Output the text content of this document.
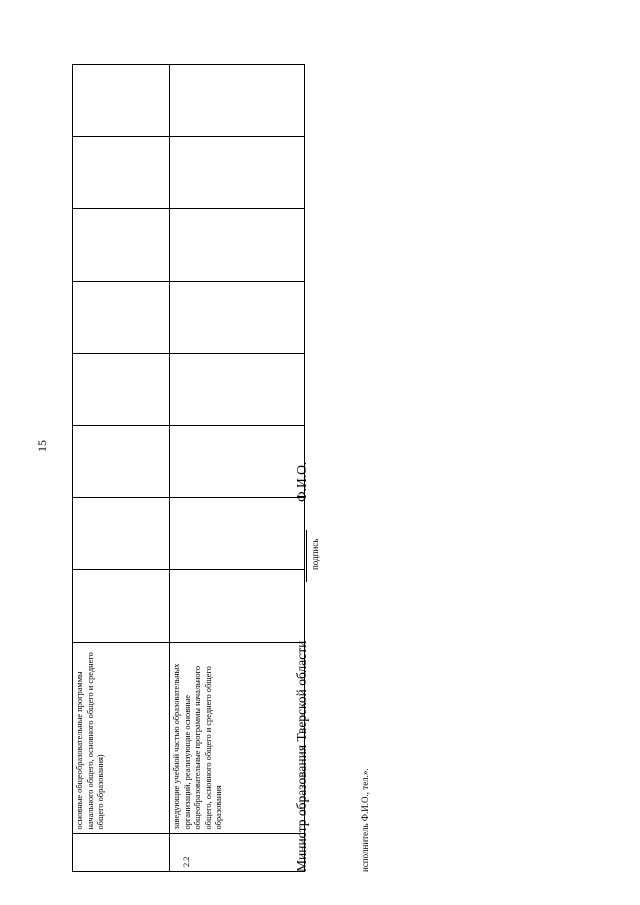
15
	основные общеобразовательные программы начального общего, основного общего и среднего общего образования)								
2.2	заведующие учебной частью образовательных организаций, реализующие основные общеобразовательные программы начального общего, основного общего и среднего общего образования									Министр образования Тверской области
подпись
Ф.И.О.
исполнитель Ф.И.О., тел.».
